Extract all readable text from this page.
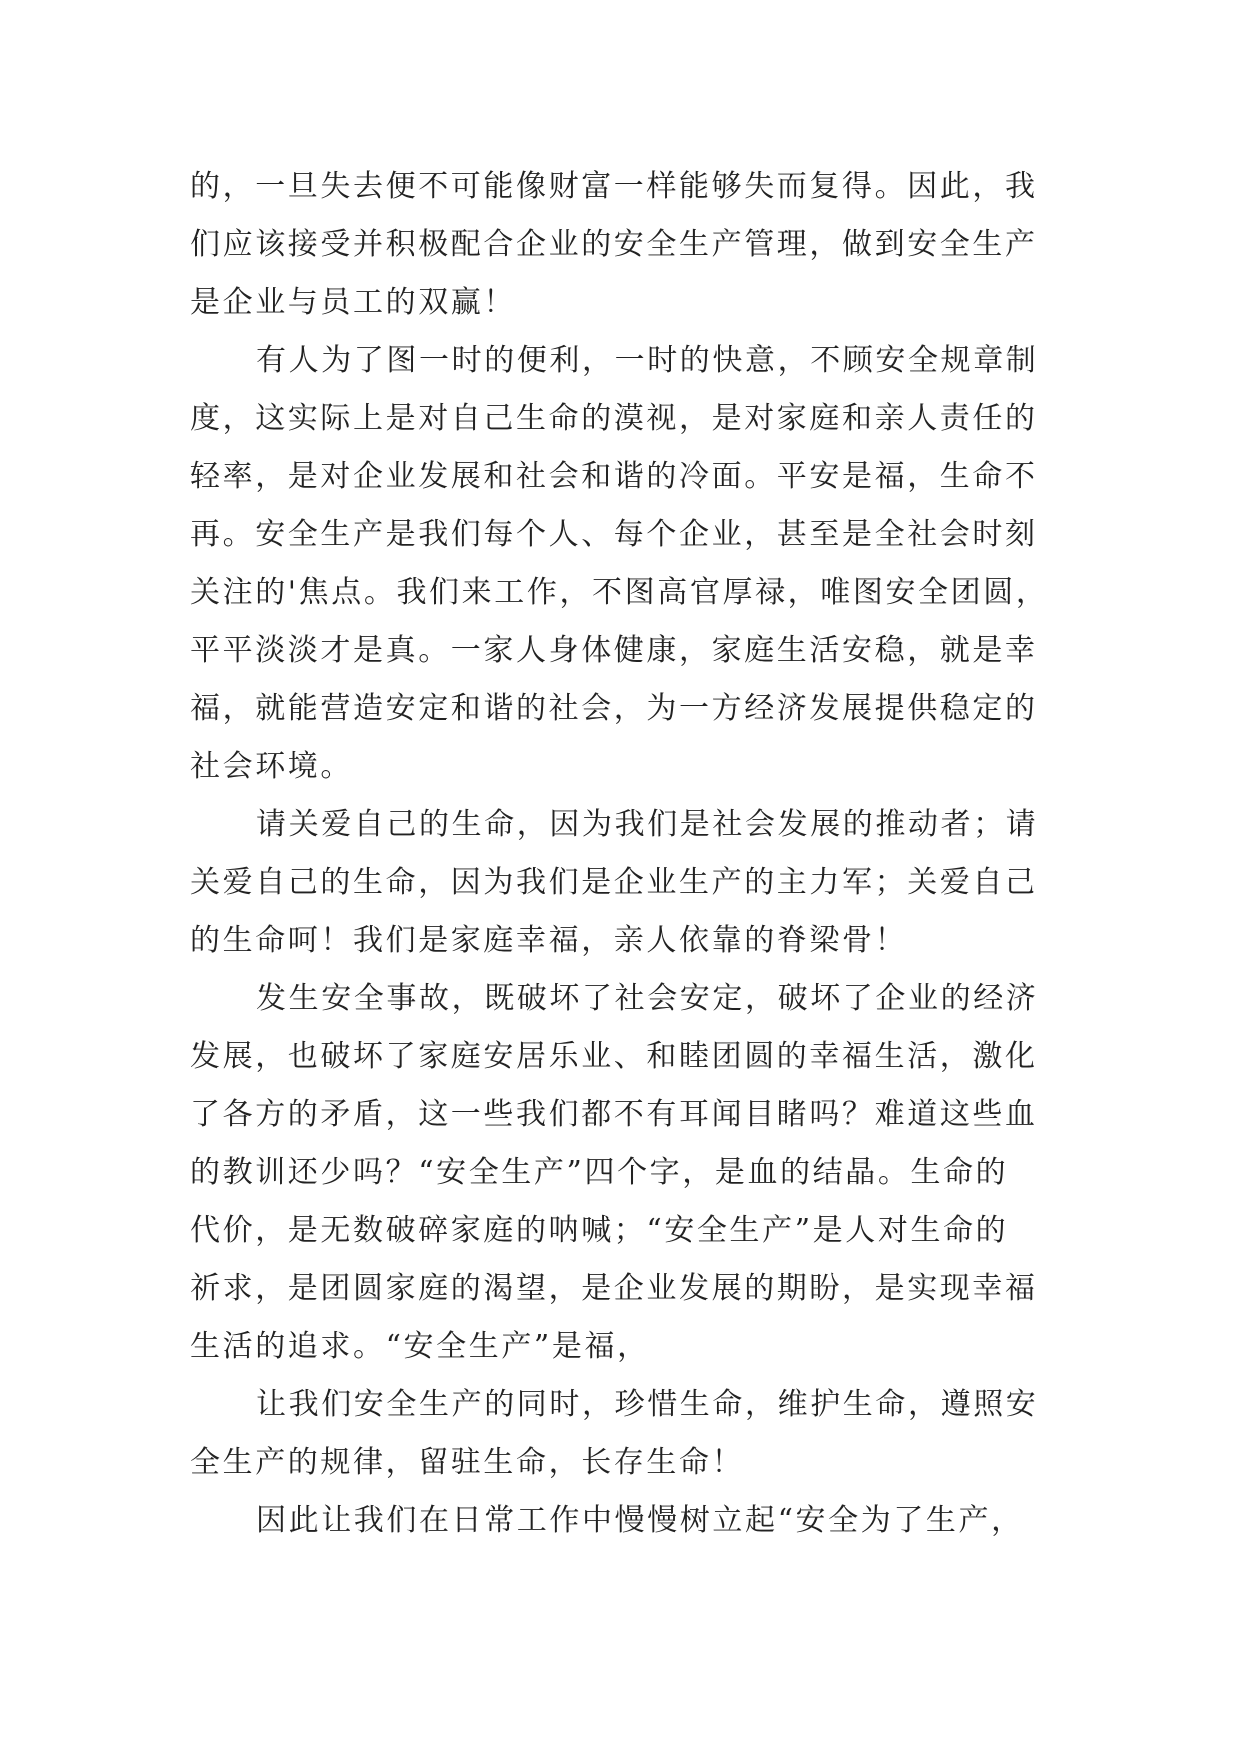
的，一旦失去便不可能像财富一样能够失而复得。因此，我
们应该接受并积极配合企业的安全生产管理，做到安全生产
是企业与员工的双赢！

有人为了图一时的便利，一时的快意，不顾安全规章制
度，这实际上是对自己生命的漠视，是对家庭和亲人责任的
轻率，是对企业发展和社会和谐的冷面。平安是福，生命不
再。安全生产是我们每个人、每个企业，甚至是全社会时刻
关注的'焦点。我们来工作，不图高官厚禄，唯图安全团圆，
平平淡淡才是真。一家人身体健康，家庭生活安稳，就是幸
福，就能营造安定和谐的社会，为一方经济发展提供稳定的
社会环境。

请关爱自己的生命，因为我们是社会发展的推动者；请
关爱自己的生命，因为我们是企业生产的主力军；关爱自己
的生命呵！我们是家庭幸福，亲人依靠的脊梁骨！

发生安全事故，既破坏了社会安定，破坏了企业的经济
发展，也破坏了家庭安居乐业、和睦团圆的幸福生活，激化
了各方的矛盾，这一些我们都不有耳闻目睹吗？难道这些血
的教训还少吗？“安全生产”四个字，是血的结晶。生命的
代价，是无数破碎家庭的呐喊；“安全生产”是人对生命的
祈求，是团圆家庭的渴望，是企业发展的期盼，是实现幸福
生活的追求。“安全生产”是福，

让我们安全生产的同时，珍惜生命，维护生命，遵照安
全生产的规律，留驻生命，长存生命！

因此让我们在日常工作中慢慢树立起“安全为了生产，
